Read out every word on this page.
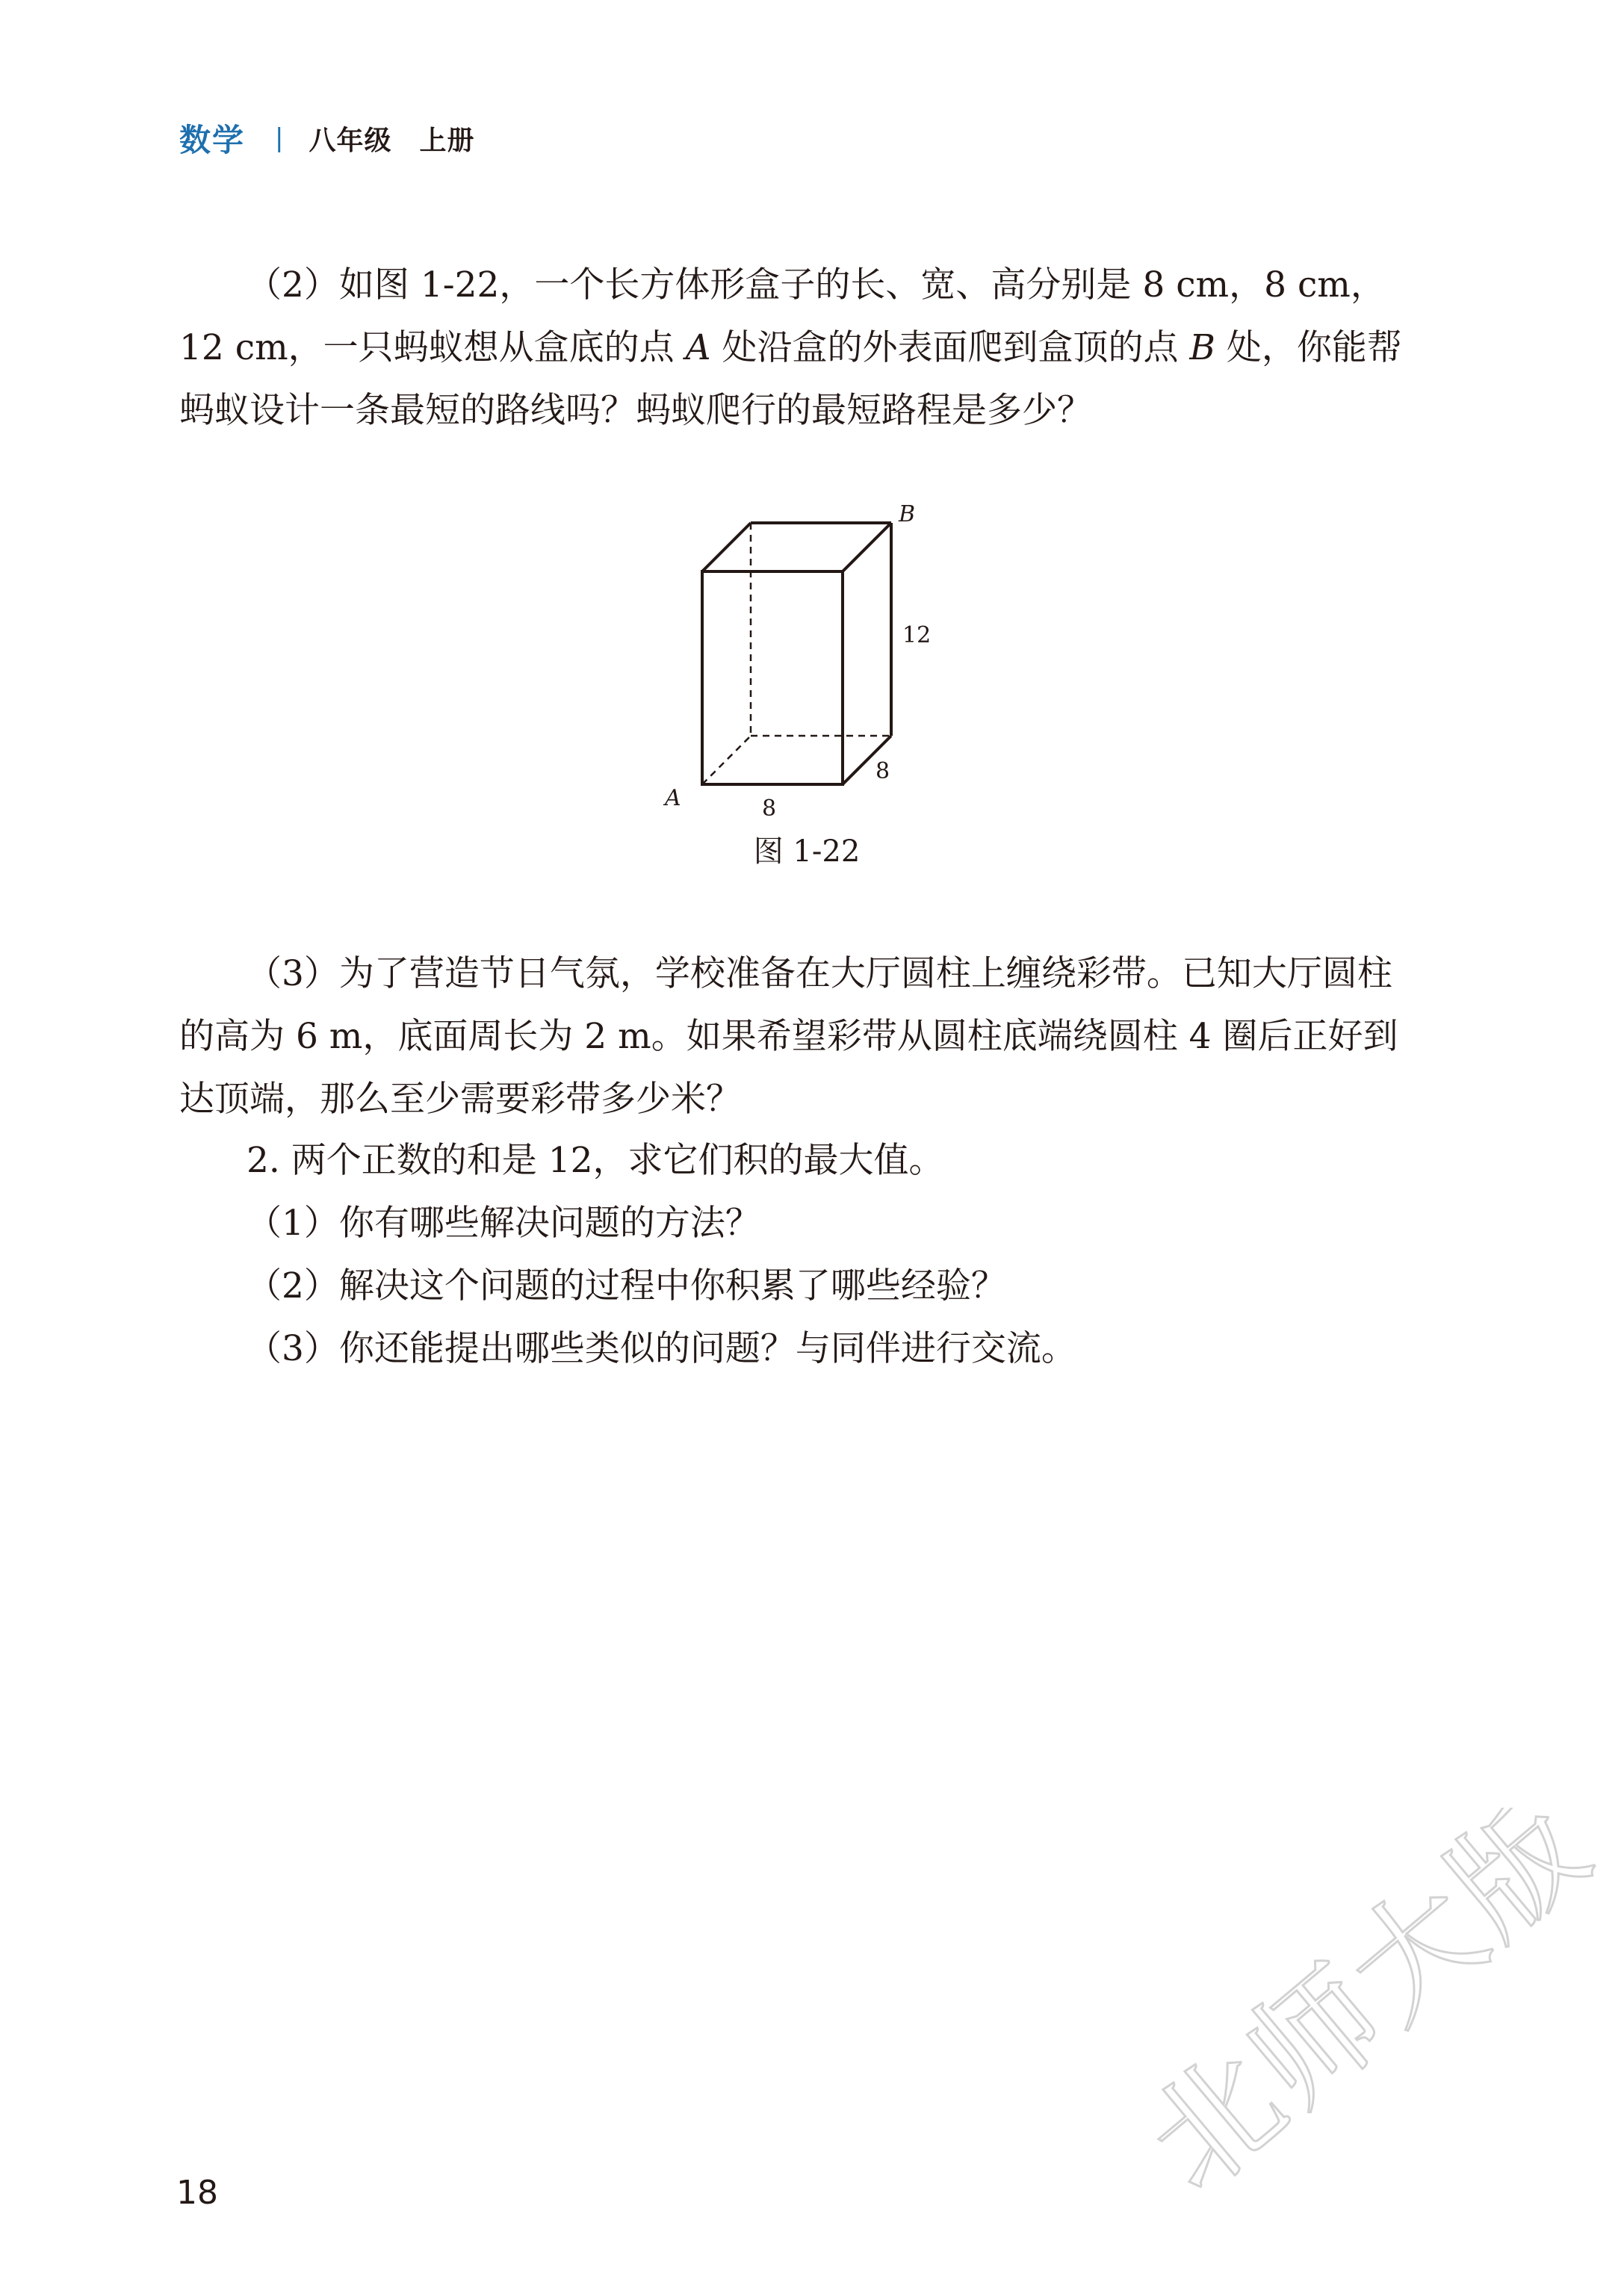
数学 | 八年级　上册
（2）如图 1-22，一个长方体形盒子的长、宽、高分别是 8 cm，8 cm，
12 cm，一只蚂蚁想从盒底的点 A 处沿盒的外表面爬到盒顶的点 B 处，你能帮
蚂蚁设计一条最短的路线吗？蚂蚁爬行的最短路程是多少？
B
A
12
8
8
图 1-22
（3）为了营造节日气氛，学校准备在大厅圆柱上缠绕彩带。已知大厅圆柱
的高为 6 m，底面周长为 2 m。如果希望彩带从圆柱底端绕圆柱 4 圈后正好到
达顶端，那么至少需要彩带多少米？
2. 两个正数的和是 12，求它们积的最大值。
（1）你有哪些解决问题的方法？
（2）解决这个问题的过程中你积累了哪些经验？
（3）你还能提出哪些类似的问题？与同伴进行交流。
18	北师大版
